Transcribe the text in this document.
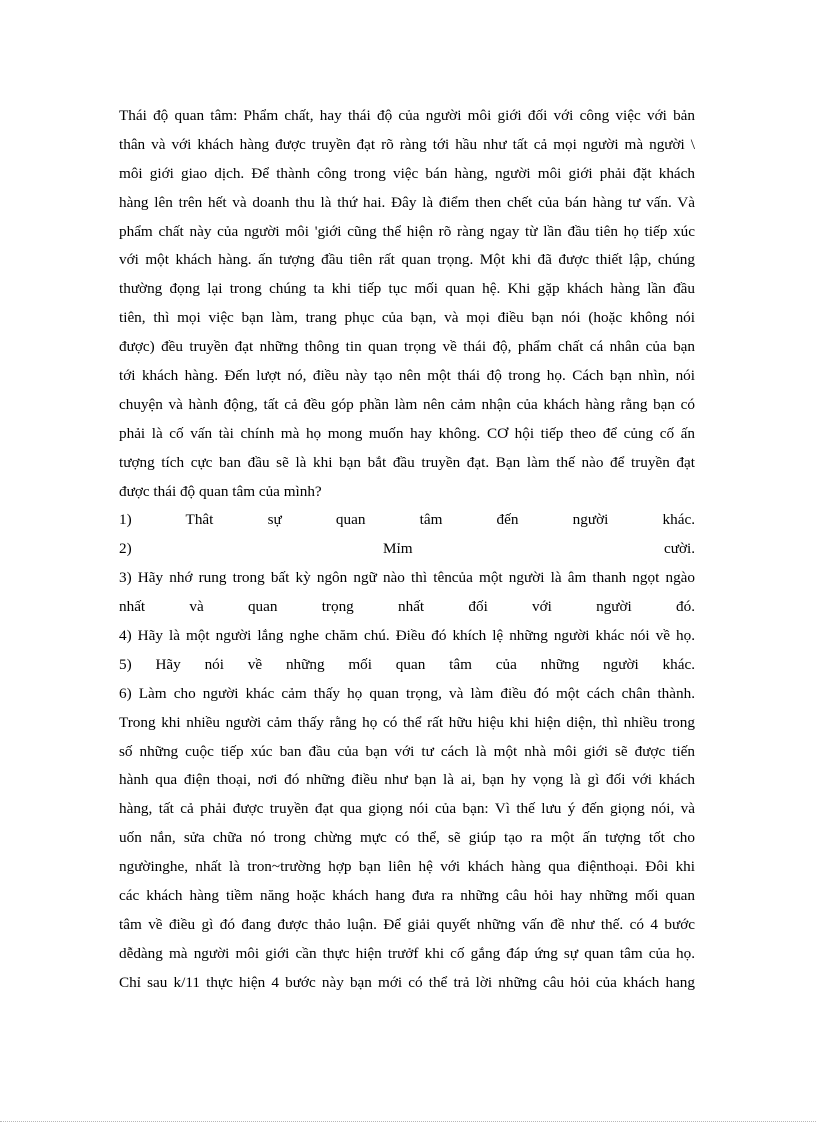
Thái độ quan tâm: Phẩm chất, hay thái độ của người môi giới đối với công việc với bản
thân và với khách hàng được truyền đạt rõ ràng tới hầu như tất cả mọi người mà người \
môi giới giao dịch. Để thành công trong việc bán hàng, người môi giới phải đặt khách
hàng lên trên hết và doanh thu là thứ hai. Đây là điểm then chết của bán hàng tư vấn. Và
phẩm chất này của người môi 'giới cũng thể hiện rõ ràng ngay từ lần đầu tiên họ tiếp xúc
với một khách hàng. ấn tượng đầu tiên rất quan trọng. Một khi đã được thiết lập, chúng
thường đọng lại trong chúng ta khi tiếp tục mối quan hệ. Khi gặp khách hàng lần đầu
tiên, thì mọi việc bạn làm, trang phục của bạn, và mọi điều bạn nói (hoặc không nói
được) đều truyền đạt những thông tin quan trọng về thái độ, phẩm chất cá nhân của bạn
tới khách hàng. Đến lượt nó, điều này tạo nên một thái độ trong họ. Cách bạn nhìn, nói
chuyện và hành động, tất cả đều góp phần làm nên cảm nhận của khách hàng rằng bạn có
phải là cố vấn tài chính mà họ mong muốn hay không. CƠ hội tiếp theo để củng cố ấn
tượng tích cực ban đầu sẽ là khi bạn bắt đầu truyền đạt. Bạn làm thế nào để truyền đạt
được thái độ quan tâm của mình?
1) Thât sự quan tâm đến người khác.
2) Mỉm cười.
3) Hãy nhớ rung trong bất kỳ ngôn ngữ nào thì têncủa một người là âm thanh ngọt ngào
nhất và quan trọng nhất đối với người đó.
4) Hãy là một người lắng nghe chăm chú. Điều đó khích lệ những người khác nói về họ.
5) Hãy nói về những mối quan tâm của những người khác.
6) Làm cho người khác cảm thấy họ quan trọng, và làm điều đó một cách chân thành.
Trong khi nhiều người cảm thấy rằng họ có thể rất hữu hiệu khi hiện diện, thì nhiều trong
số những cuộc tiếp xúc ban đầu của bạn với tư cách là một nhà môi giới sẽ được tiến
hành qua điện thoại, nơi đó những điều như bạn là ai, bạn hy vọng là gì đối với khách
hàng, tất cả phải được truyền đạt qua giọng nói của bạn: Vì thế lưu ý đến giọng nói, và
uốn nắn, sửa chữa nó trong chừng mực có thể, sẽ giúp tạo ra một ấn tượng tốt cho
ngườinghe, nhất là tron~trường hợp bạn liên hệ với khách hàng qua điệnthoại. Đôi khi
các khách hàng tiềm năng hoặc khách hang đưa ra những câu hỏi hay những mối quan
tâm về điều gì đó đang được thảo luận. Để giải quyết những vấn đề như thế. có 4 bước
dễdàng mà người môi giới cần thực hiện trưởf khi cố gắng đáp ứng sự quan tâm của họ.
Chỉ sau k/11 thực hiện 4 bước này bạn mới có thể trả lời những câu hỏi của khách hang
